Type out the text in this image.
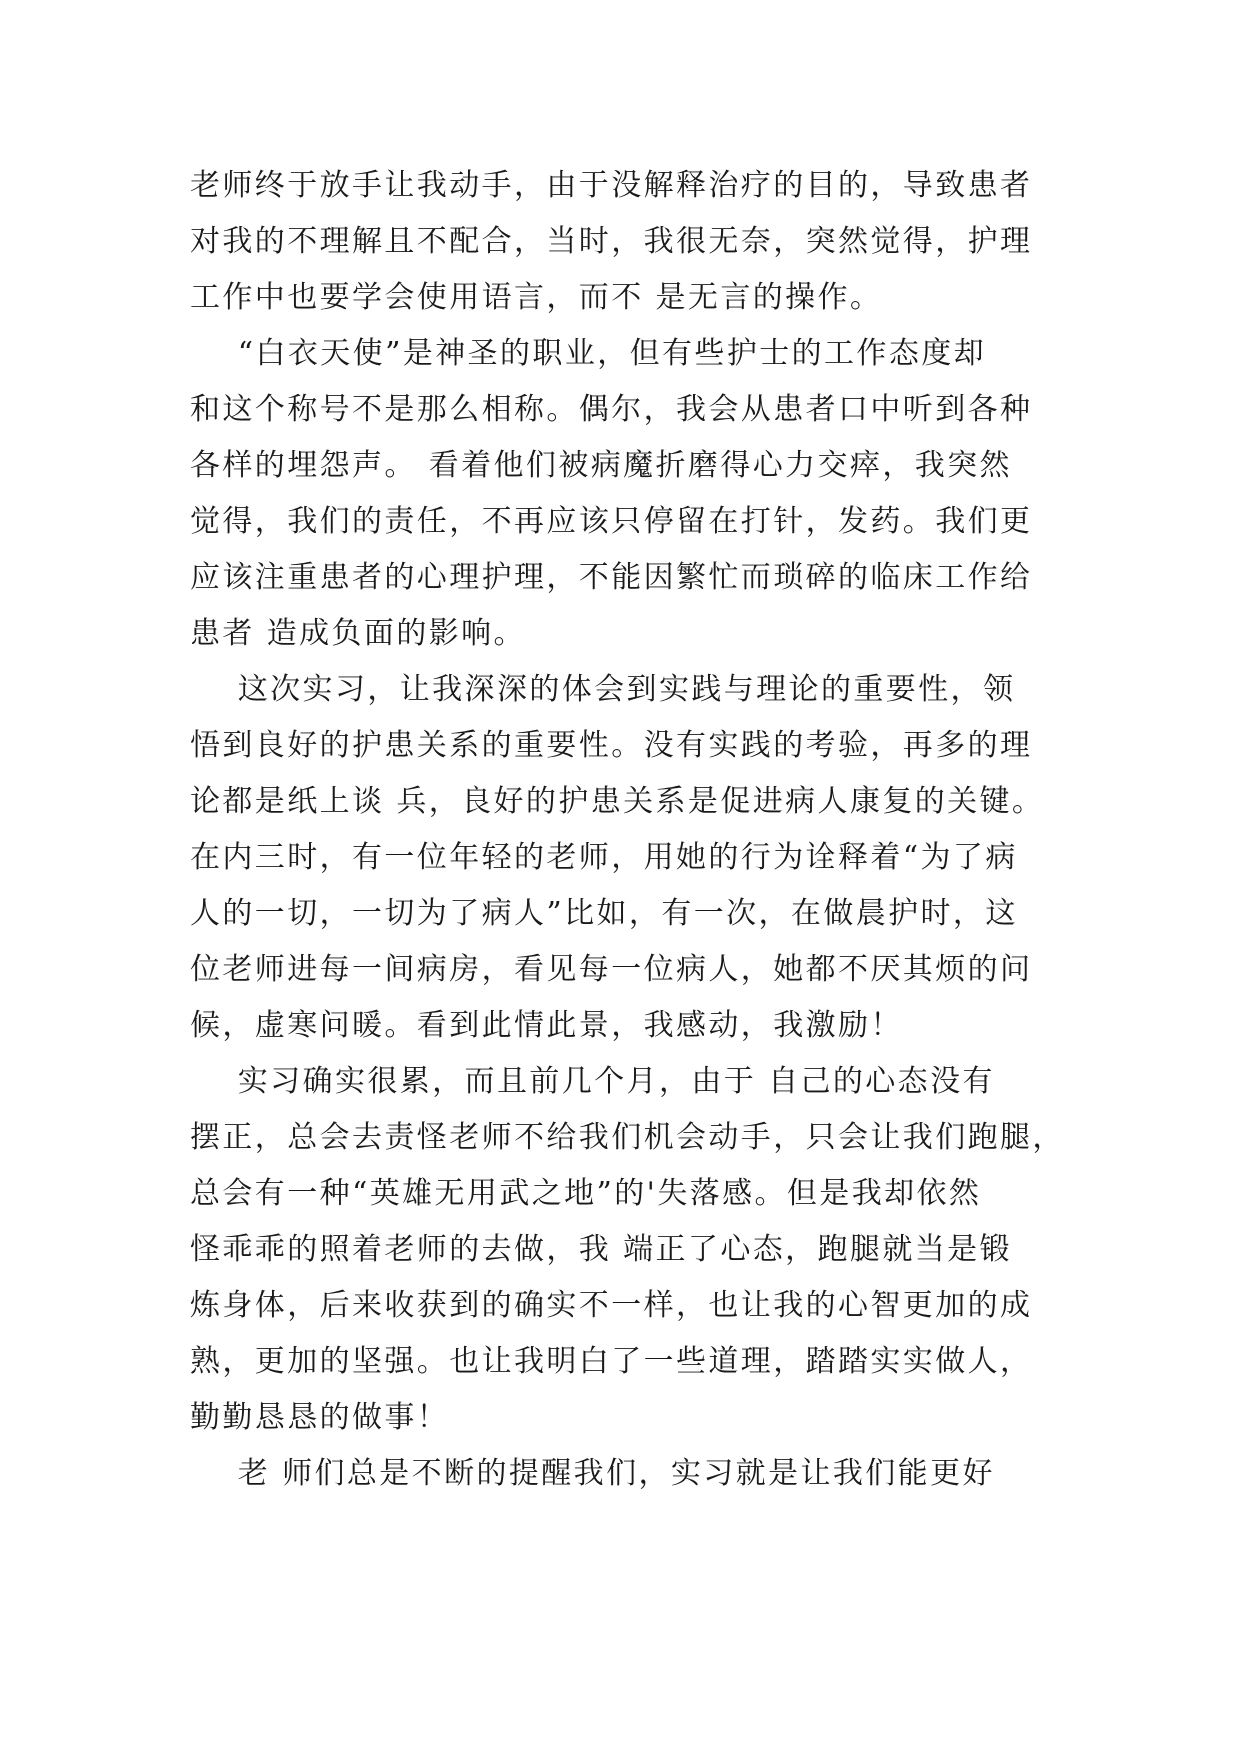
老师终于放手让我动手，由于没解释治疗的目的，导致患者
对我的不理解且不配合，当时，我很无奈，突然觉得，护理
工作中也要学会使用语言，而不 是无言的操作。
“白衣天使”是神圣的职业，但有些护士的工作态度却
和这个称号不是那么相称。偶尔，我会从患者口中听到各种
各样的埋怨声。 看着他们被病魔折磨得心力交瘁，我突然
觉得，我们的责任，不再应该只停留在打针，发药。我们更
应该注重患者的心理护理，不能因繁忙而琐碎的临床工作给
患者 造成负面的影响。
这次实习，让我深深的体会到实践与理论的重要性，领
悟到良好的护患关系的重要性。没有实践的考验，再多的理
论都是纸上谈 兵，良好的护患关系是促进病人康复的关键。
在内三时，有一位年轻的老师，用她的行为诠释着“为了病
人的一切，一切为了病人”比如，有一次，在做晨护时，这
位老师进每一间病房，看见每一位病人，她都不厌其烦的问
候，虚寒问暖。看到此情此景，我感动，我激励！
实习确实很累，而且前几个月，由于 自己的心态没有
摆正，总会去责怪老师不给我们机会动手，只会让我们跑腿，
总会有一种“英雄无用武之地”的'失落感。但是我却依然
怪乖乖的照着老师的去做，我 端正了心态，跑腿就当是锻
炼身体，后来收获到的确实不一样，也让我的心智更加的成
熟，更加的坚强。也让我明白了一些道理，踏踏实实做人，
勤勤恳恳的做事！
老 师们总是不断的提醒我们，实习就是让我们能更好
